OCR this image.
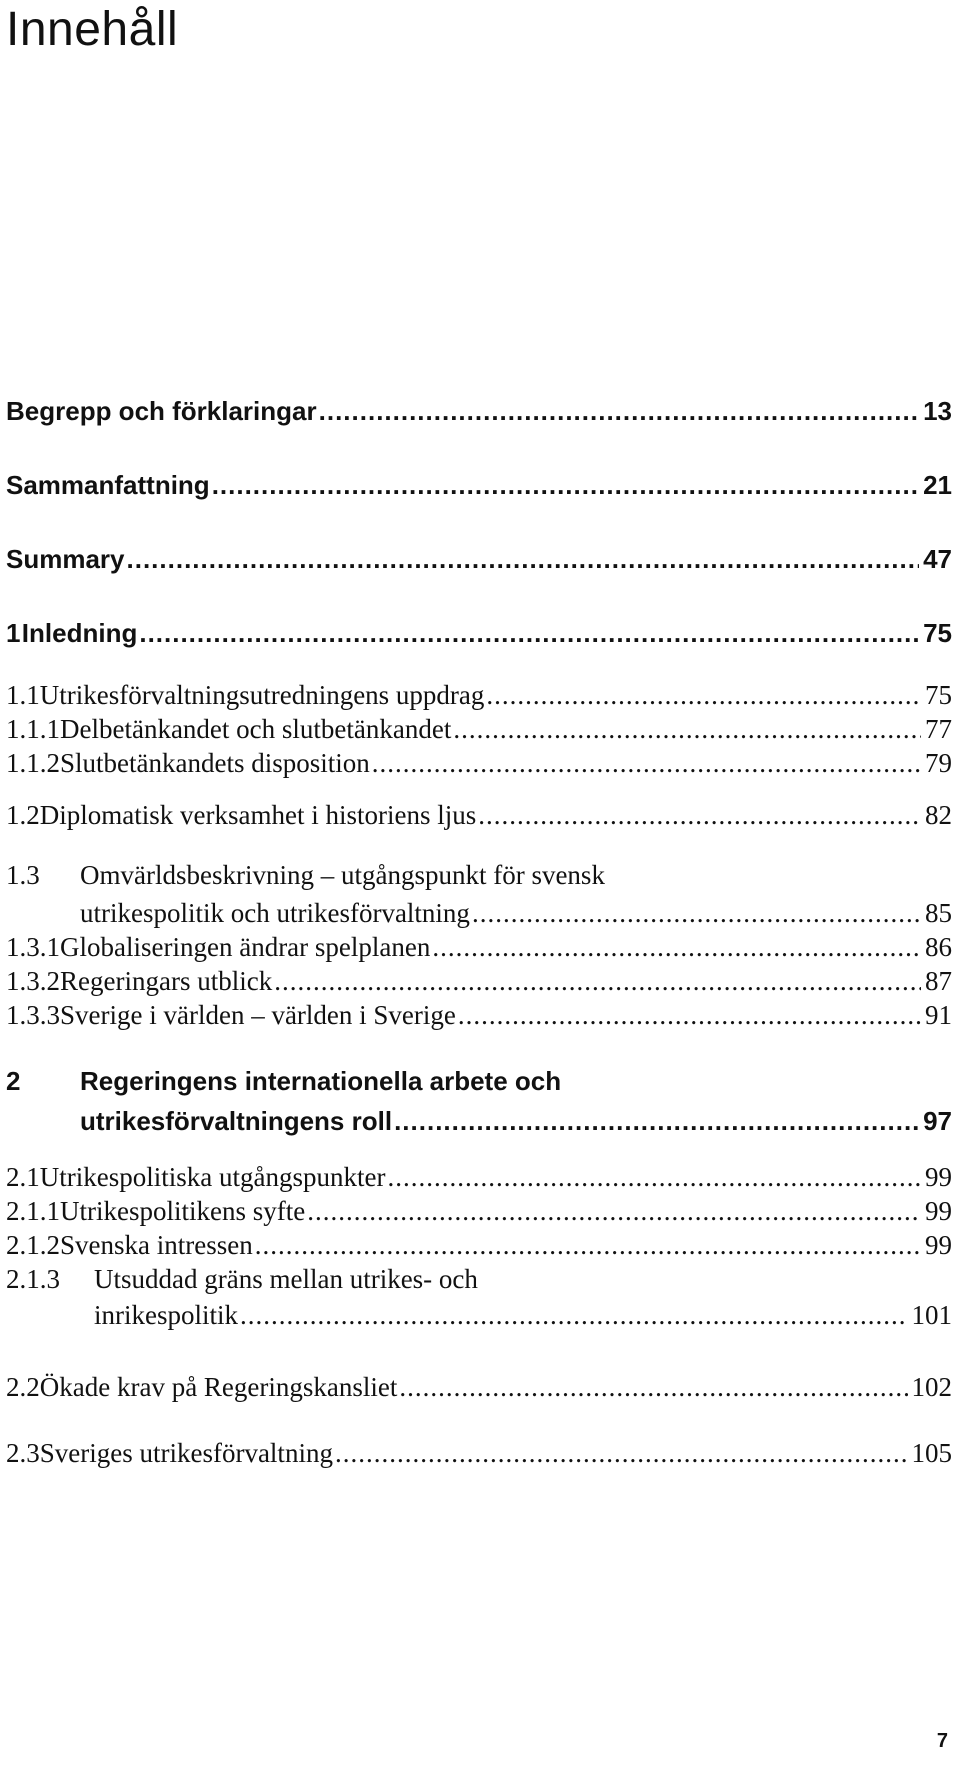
Innehåll
Begrepp och förklaringar .....	13
Sammanfattning .....	21
Summary .....	47
1 Inledning .....	75
1.1 Utrikesförvaltningsutredningens uppdrag .....	75
1.1.1 Delbetänkandet och slutbetänkandet .....	77
1.1.2 Slutbetänkandets disposition .....	79
1.2 Diplomatisk verksamhet i historiens ljus .....	82
1.3 Omvärldsbeskrivning – utgångspunkt för svensk
utrikespolitik och utrikesförvaltning .....	85
1.3.1 Globaliseringen ändrar spelplanen .....	86
1.3.2 Regeringars utblick .....	87
1.3.3 Sverige i världen – världen i Sverige .....	91
2 Regeringens internationella arbete och
utrikesförvaltningens roll .....	97
2.1 Utrikespolitiska utgångspunkter .....	99
2.1.1 Utrikespolitikens syfte .....	99
2.1.2 Svenska intressen .....	99
2.1.3 Utsuddad gräns mellan utrikes- och
inrikespolitik .....	101
2.2 Ökade krav på Regeringskansliet .....	102
2.3 Sveriges utrikesförvaltning .....	105
7
